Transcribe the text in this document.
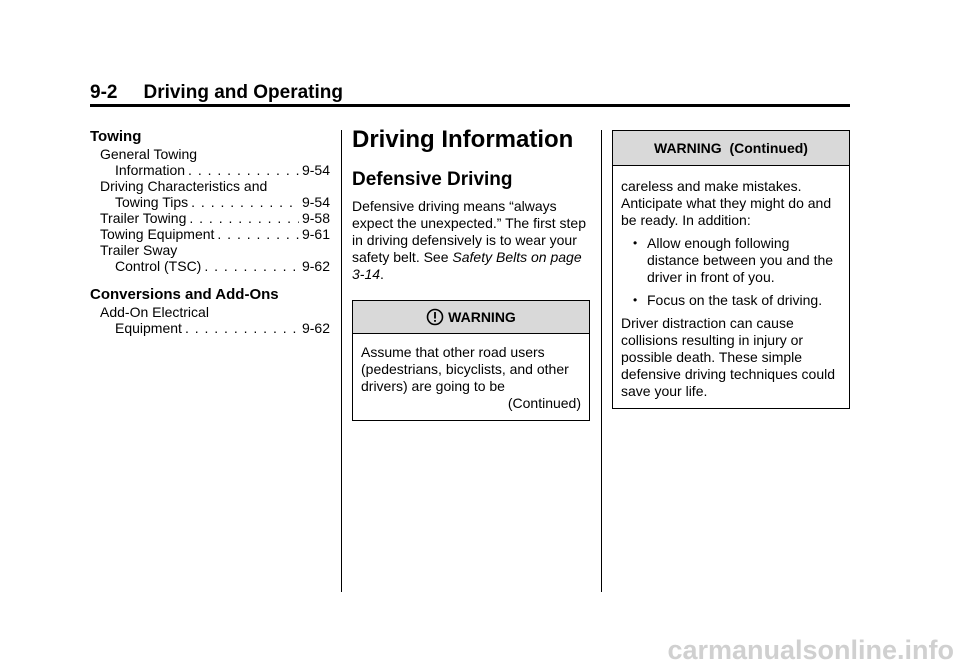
9-2 Driving and Operating
Towing
General Towing
Information . . .	9-54
Driving Characteristics and
Towing Tips . . .	9-54
Trailer Towing . . .	9-58
Towing Equipment . . .	9-61
Trailer Sway
Control (TSC) . . .	9-62
Conversions and Add-Ons
Add-On Electrical
Equipment . . .	9-62
Driving Information
Defensive Driving

Defensive driving means “always expect the unexpected.” The first step in driving defensively is to wear your safety belt. See Safety Belts on page 3-14.

WARNING
Assume that other road users (pedestrians, bicyclists, and other drivers) are going to be
(Continued)
WARNING  (Continued)
careless and make mistakes. Anticipate what they might do and be ready. In addition:
• Allow enough following distance between you and the driver in front of you.
• Focus on the task of driving.
Driver distraction can cause collisions resulting in injury or possible death. These simple defensive driving techniques could save your life.
carmanualsonline.info
